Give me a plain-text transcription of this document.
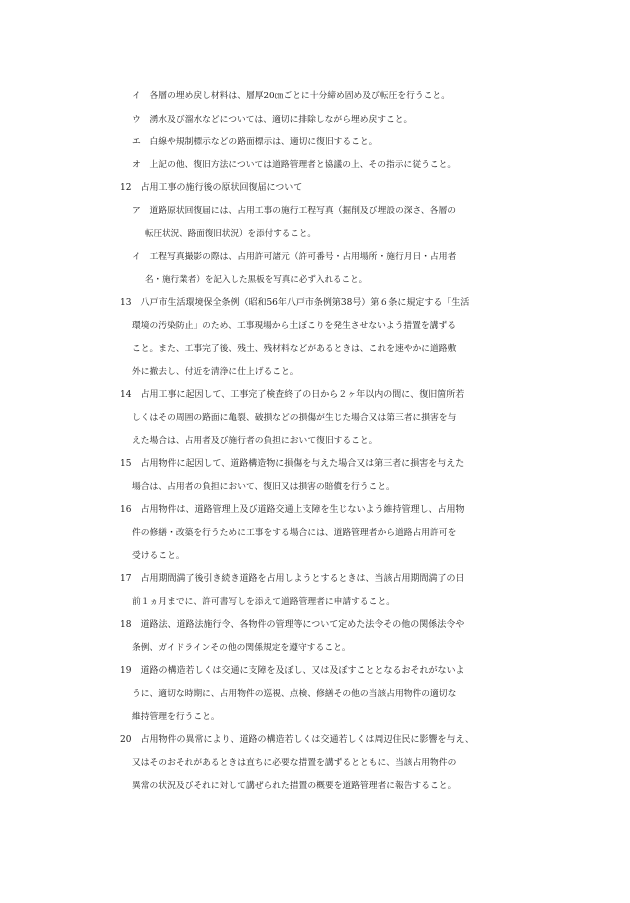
イ　各層の埋め戻し材料は、層厚20㎝ごとに十分締め固め及び転圧を行うこと。
ウ　湧水及び溜水などについては、適切に排除しながら埋め戻すこと。
エ　白線や規制標示などの路面標示は、適切に復旧すること。
オ　上記の他、復旧方法については道路管理者と協議の上、その指示に従うこと。
12　占用工事の施行後の原状回復届について
ア　道路原状回復届には、占用工事の施行工程写真（掘削及び埋設の深さ、各層の
転圧状況、路面復旧状況）を添付すること。
イ　工程写真撮影の際は、占用許可諸元（許可番号・占用場所・施行月日・占用者
名・施行業者）を記入した黒板を写真に必ず入れること。
13　八戸市生活環境保全条例（昭和56年八戸市条例第38号）第６条に規定する「生活
環境の汚染防止」のため、工事現場から土ぼこりを発生させないよう措置を講ずる
こと。また、工事完了後、残土、残材料などがあるときは、これを速やかに道路敷
外に撤去し、付近を清浄に仕上げること。
14　占用工事に起因して、工事完了検査終了の日から２ヶ年以内の間に、復旧箇所若
しくはその周囲の路面に亀裂、破損などの損傷が生じた場合又は第三者に損害を与
えた場合は、占用者及び施行者の負担において復旧すること。
15　占用物件に起因して、道路構造物に損傷を与えた場合又は第三者に損害を与えた
場合は、占用者の負担において、復旧又は損害の賠償を行うこと。
16　占用物件は、道路管理上及び道路交通上支障を生じないよう維持管理し、占用物
件の修繕・改築を行うために工事をする場合には、道路管理者から道路占用許可を
受けること。
17　占用期間満了後引き続き道路を占用しようとするときは、当該占用期間満了の日
前１ヵ月までに、許可書写しを添えて道路管理者に申請すること。
18　道路法、道路法施行令、各物件の管理等について定めた法令その他の関係法令や
条例、ガイドラインその他の関係規定を遵守すること。
19　道路の構造若しくは交通に支障を及ぼし、又は及ぼすこととなるおそれがないよ
うに、適切な時期に、占用物件の巡視、点検、修繕その他の当該占用物件の適切な
維持管理を行うこと。
20　占用物件の異常により、道路の構造若しくは交通若しくは周辺住民に影響を与え、
又はそのおそれがあるときは直ちに必要な措置を講ずるとともに、当該占用物件の
異常の状況及びそれに対して講ぜられた措置の概要を道路管理者に報告すること。
